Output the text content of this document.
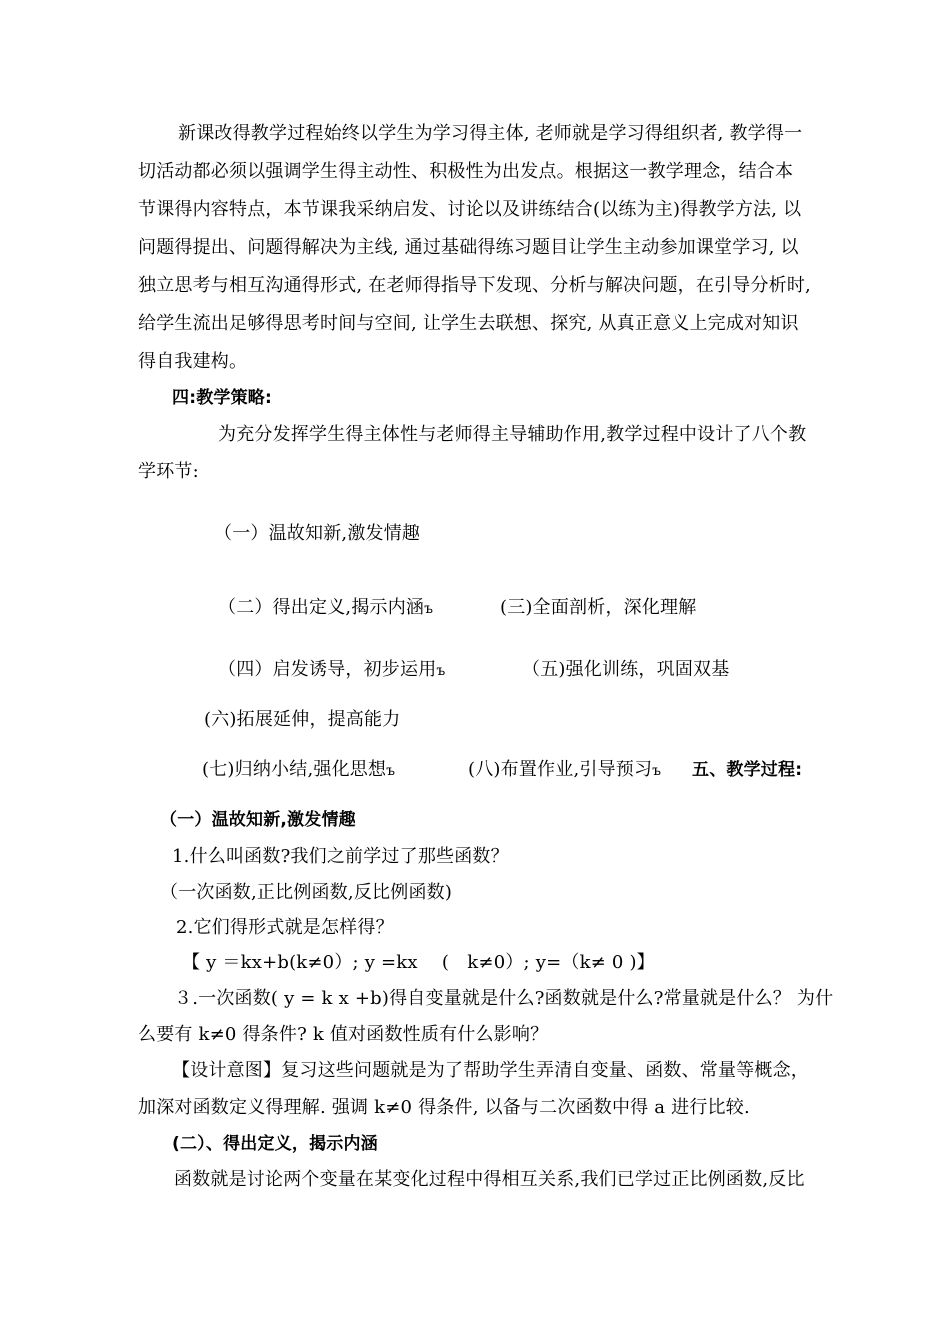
新课改得教学过程始终以学生为学习得主体, 老师就是学习得组织者, 教学得一
切活动都必须以强调学生得主动性、积极性为出发点。根据这一教学理念，结合本
节课得内容特点，本节课我采纳启发、讨论以及讲练结合(以练为主)得教学方法, 以
问题得提出、问题得解决为主线, 通过基础得练习题目让学生主动参加课堂学习, 以
独立思考与相互沟通得形式, 在老师得指导下发现、分析与解决问题，在引导分析时,
给学生流出足够得思考时间与空间, 让学生去联想、探究, 从真正意义上完成对知识
得自我建构。
四:教学策略:
为充分发挥学生得主体性与老师得主导辅助作用,教学过程中设计了八个教
学环节:
（一）温故知新,激发情趣
（二）得出定义,揭示内涵ъ	(三)全面剖析，深化理解
（四）启发诱导，初步运用ъ	（五)强化训练，巩固双基
(六)拓展延伸，提高能力
(七)归纳小结,强化思想ъ	(八)布置作业,引导预习ъ 五、教学过程:
（一）温故知新,激发情趣
1.什么叫函数?我们之前学过了那些函数？
（一次函数,正比例函数,反比例函数)
2.它们得形式就是怎样得？
【 y ＝kx+b(k≠0）; y =kx　 (　k≠0）; y=（k≠ 0 )】
３.一次函数( y = k x +b)得自变量就是什么?函数就是什么?常量就是什么？ 为什
么要有 k≠0 得条件? k 值对函数性质有什么影响？
【设计意图】复习这些问题就是为了帮助学生弄清自变量、函数、常量等概念，
加深对函数定义得理解. 强调 k≠0 得条件, 以备与二次函数中得 a 进行比较.
(二）、得出定义，揭示内涵
函数就是讨论两个变量在某变化过程中得相互关系,我们已学过正比例函数,反比
